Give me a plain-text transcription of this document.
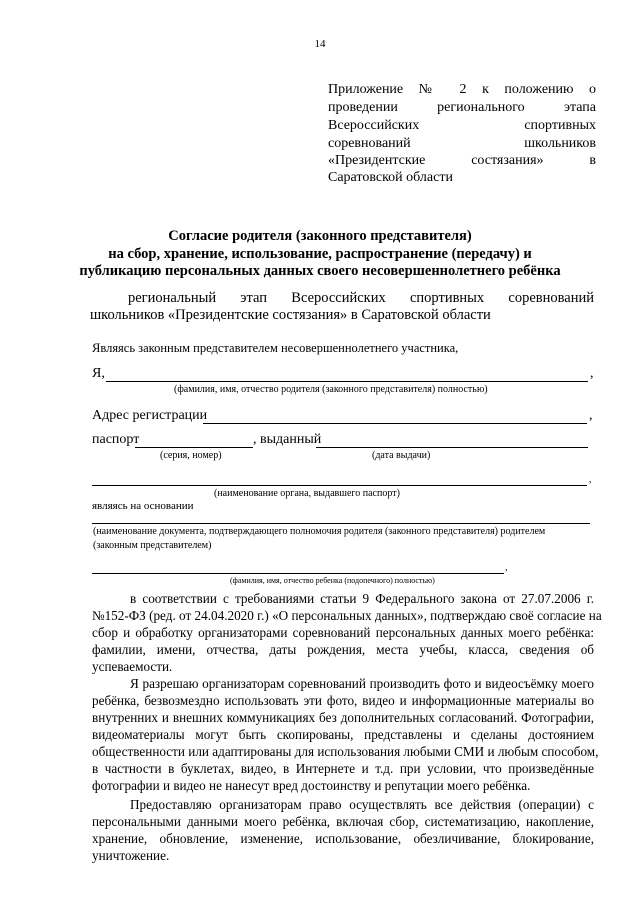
14
Приложение № 2 к положению о
проведении регионального этапа
Всероссийских спортивных
соревнований школьников
«Президентские состязания» в
Саратовской области
Согласие родителя (законного представителя)
на сбор, хранение, использование, распространение (передачу) и
публикацию персональных данных своего несовершеннолетнего ребёнка
региональный этап Всероссийских спортивных соревнований
школьников «Президентские состязания» в Саратовской области
Являясь законным представителем несовершеннолетнего участника,
Я,	,
(фамилия, имя, отчество родителя (законного представителя) полностью)
Адрес регистрации	,
паспорт	, выданный
(серия, номер)	(дата выдачи)
,
(наименование органа, выдавшего паспорт)
являясь на основании
(наименование документа, подтверждающего полномочия родителя (законного представителя) родителем
(законным представителем)
,
(фамилия, имя, отчество ребенка (подопечного) полностью)
в соответствии с требованиями статьи 9 Федерального закона от 27.07.2006 г.
№152-ФЗ (ред. от 24.04.2020 г.) «О персональных данных», подтверждаю своё согласие на
сбор и обработку организаторами соревнований персональных данных моего ребёнка:
фамилии, имени, отчества, даты рождения, места учебы, класса, сведения об
успеваемости.
Я разрешаю организаторам соревнований производить фото и видеосъёмку моего
ребёнка, безвозмездно использовать эти фото, видео и информационные материалы во
внутренних и внешних коммуникациях без дополнительных согласований. Фотографии,
видеоматериалы могут быть скопированы, представлены и сделаны достоянием
общественности или адаптированы для использования любыми СМИ и любым способом,
в частности в буклетах, видео, в Интернете и т.д. при условии, что произведённые
фотографии и видео не нанесут вред достоинству и репутации моего ребёнка.
Предоставляю организаторам право осуществлять все действия (операции) с
персональными данными моего ребёнка, включая сбор, систематизацию, накопление,
хранение, обновление, изменение, использование, обезличивание, блокирование,
уничтожение.
